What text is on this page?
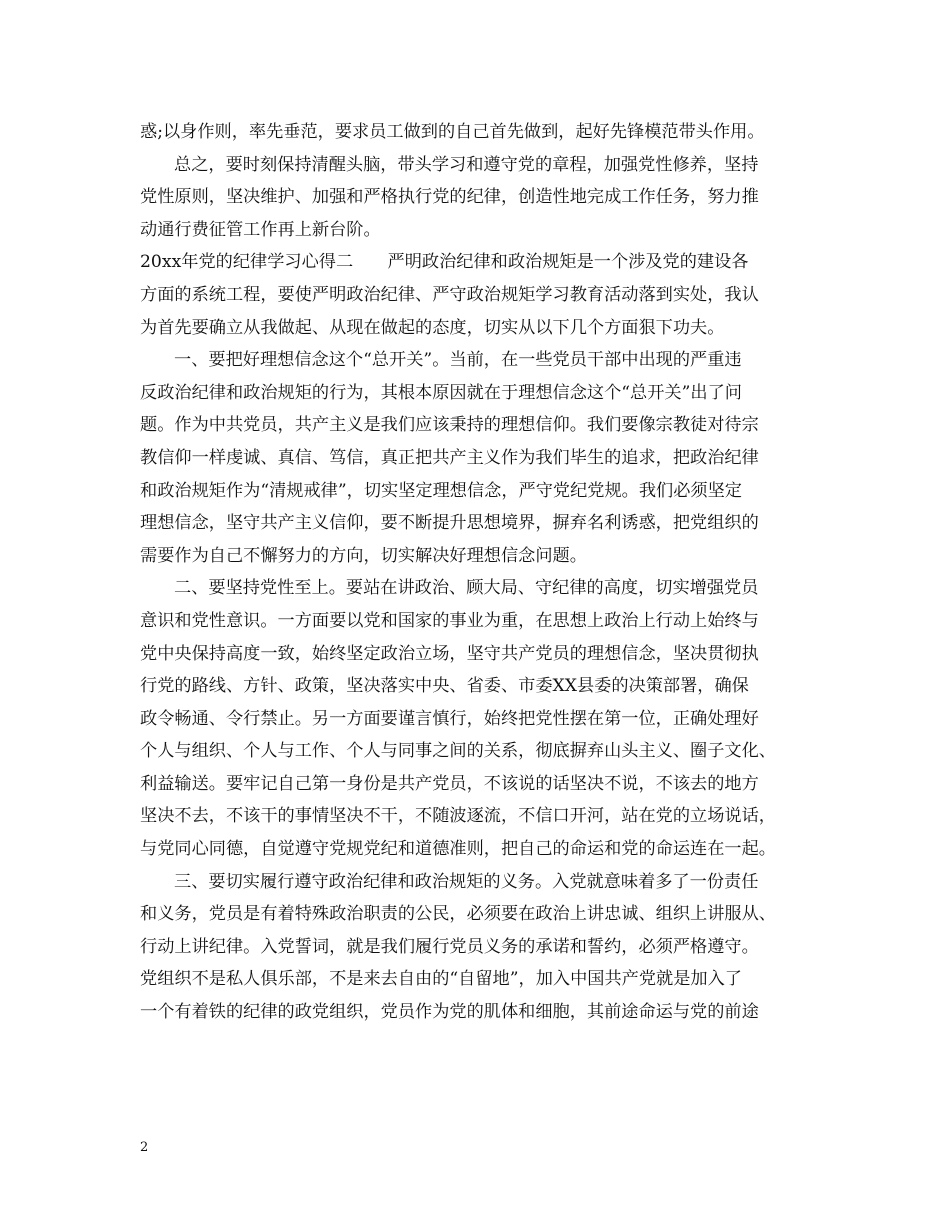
惑;以身作则，率先垂范，要求员工做到的自己首先做到，起好先锋模范带头作用。
总之，要时刻保持清醒头脑，带头学习和遵守党的章程，加强党性修养，坚持
党性原则，坚决维护、加强和严格执行党的纪律，创造性地完成工作任务，努力推
动通行费征管工作再上新台阶。
20xx年党的纪律学习心得二　　严明政治纪律和政治规矩是一个涉及党的建设各
方面的系统工程，要使严明政治纪律、严守政治规矩学习教育活动落到实处，我认
为首先要确立从我做起、从现在做起的态度，切实从以下几个方面狠下功夫。
一、要把好理想信念这个“总开关”。当前，在一些党员干部中出现的严重违
反政治纪律和政治规矩的行为，其根本原因就在于理想信念这个“总开关”出了问
题。作为中共党员，共产主义是我们应该秉持的理想信仰。我们要像宗教徒对待宗
教信仰一样虔诚、真信、笃信，真正把共产主义作为我们毕生的追求，把政治纪律
和政治规矩作为“清规戒律”，切实坚定理想信念，严守党纪党规。我们必须坚定
理想信念，坚守共产主义信仰，要不断提升思想境界，摒弃名利诱惑，把党组织的
需要作为自己不懈努力的方向，切实解决好理想信念问题。
二、要坚持党性至上。要站在讲政治、顾大局、守纪律的高度，切实增强党员
意识和党性意识。一方面要以党和国家的事业为重，在思想上政治上行动上始终与
党中央保持高度一致，始终坚定政治立场，坚守共产党员的理想信念，坚决贯彻执
行党的路线、方针、政策，坚决落实中央、省委、市委XX县委的决策部署，确保
政令畅通、令行禁止。另一方面要谨言慎行，始终把党性摆在第一位，正确处理好
个人与组织、个人与工作、个人与同事之间的关系，彻底摒弃山头主义、圈子文化、
利益输送。要牢记自己第一身份是共产党员，不该说的话坚决不说，不该去的地方
坚决不去，不该干的事情坚决不干，不随波逐流，不信口开河，站在党的立场说话，
与党同心同德，自觉遵守党规党纪和道德准则，把自己的命运和党的命运连在一起。
三、要切实履行遵守政治纪律和政治规矩的义务。入党就意味着多了一份责任
和义务，党员是有着特殊政治职责的公民，必须要在政治上讲忠诚、组织上讲服从、
行动上讲纪律。入党誓词，就是我们履行党员义务的承诺和誓约，必须严格遵守。
党组织不是私人俱乐部，不是来去自由的“自留地”，加入中国共产党就是加入了
一个有着铁的纪律的政党组织，党员作为党的肌体和细胞，其前途命运与党的前途
2
